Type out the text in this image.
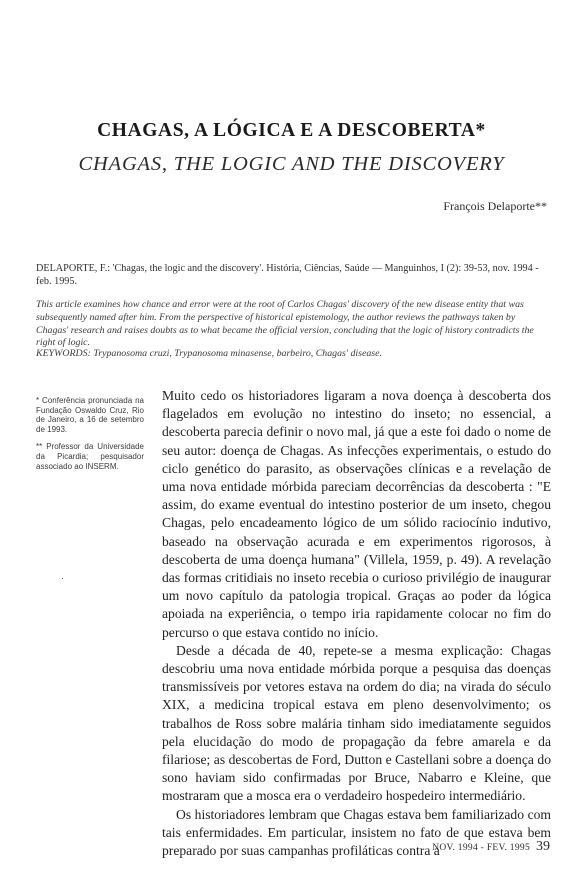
CHAGAS, A LÓGICA E A DESCOBERTA*
CHAGAS, THE LOGIC AND THE DISCOVERY
François Delaporte**
DELAPORTE, F.: 'Chagas, the logic and the discovery'. História, Ciências, Saúde — Manguinhos, I (2): 39-53, nov. 1994 - feb. 1995.
This article examines how chance and error were at the root of Carlos Chagas' discovery of the new disease entity that was subsequently named after him. From the perspective of historical epistemology, the author reviews the pathways taken by Chagas' research and raises doubts as to what became the official version, concluding that the logic of history contradicts the right of logic.
KEYWORDS: Trypanosoma cruzi, Trypanosoma minasense, barbeiro, Chagas' disease.

* Conferência pronunciada na Fundação Oswaldo Cruz, Rio de Janeiro, a 16 de setembro de 1993.

** Professor da Universidade da Picardia; pesquisador associado ao INSERM.

Muito cedo os historiadores ligaram a nova doença à descoberta dos flagelados em evolução no intestino do inseto; no essencial, a descoberta parecia definir o novo mal, já que a este foi dado o nome de seu autor: doença de Chagas. As infecções experimentais, o estudo do ciclo genético do parasito, as observações clínicas e a revelação de uma nova entidade mórbida pareciam decorrências da descoberta : "E assim, do exame eventual do intestino posterior de um inseto, chegou Chagas, pelo encadeamento lógico de um sólido raciocínio indutivo, baseado na observação acurada e em experimentos rigorosos, à descoberta de uma doença humana" (Villela, 1959, p. 49). A revelação das formas critidiais no inseto recebia o curioso privilégio de inaugurar um novo capítulo da patologia tropical. Graças ao poder da lógica apoiada na experiência, o tempo iria rapidamente colocar no fim do percurso o que estava contido no início.

Desde a década de 40, repete-se a mesma explicação: Chagas descobriu uma nova entidade mórbida porque a pesquisa das doenças transmissíveis por vetores estava na ordem do dia; na virada do século XIX, a medicina tropical estava em pleno desenvolvimento; os trabalhos de Ross sobre malária tinham sido imediatamente seguidos pela elucidação do modo de propagação da febre amarela e da filariose; as descobertas de Ford, Dutton e Castellani sobre a doença do sono haviam sido confirmadas por Bruce, Nabarro e Kleine, que mostraram que a mosca era o verdadeiro hospedeiro intermediário.

Os historiadores lembram que Chagas estava bem familiarizado com tais enfermidades. Em particular, insistem no fato de que estava bem preparado por suas campanhas profiláticas contra a

NOV. 1994 - FEV. 1995 39
